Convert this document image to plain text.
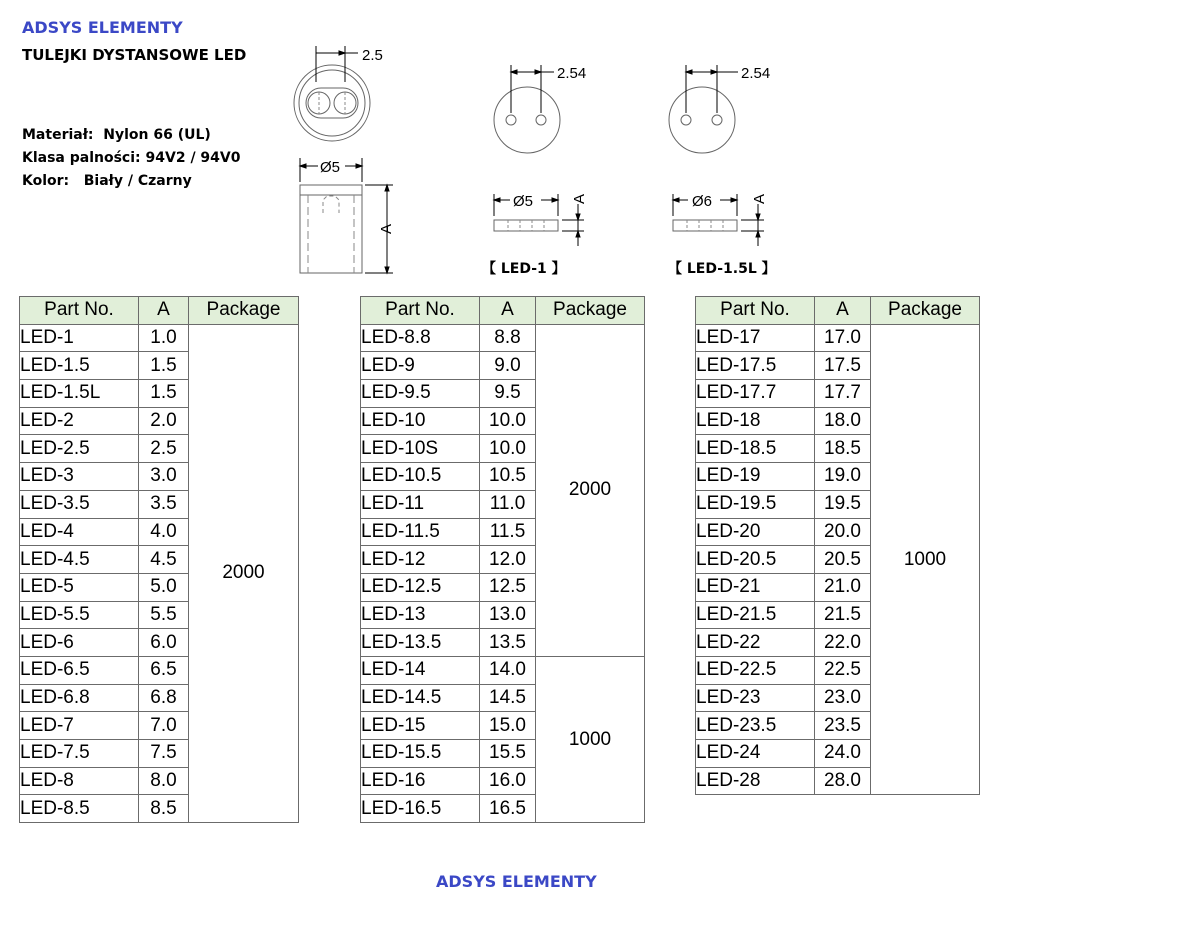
ADSYS ELEMENTY
TULEJKI DYSTANSOWE LED
Materiał:  Nylon 66 (UL)
Klasa palności: 94V2 / 94V0
Kolor:   Biały / Czarny
2.5
Ø5
A
2.54
Ø5	A
2.54
Ø6	A
【 LED-1 】	【 LED-1.5L 】
Part No.	A	Package
LED-1	1.0	2000
LED-1.5	1.5	
LED-1.5L	1.5	
LED-2	2.0	
LED-2.5	2.5	
LED-3	3.0	
LED-3.5	3.5	
LED-4	4.0	
LED-4.5	4.5	
LED-5	5.0	
LED-5.5	5.5	
LED-6	6.0	
LED-6.5	6.5	
LED-6.8	6.8	
LED-7	7.0	
LED-7.5	7.5	
LED-8	8.0	
LED-8.5	8.5	
Part No.	A	Package
LED-8.8	8.8	2000
LED-9	9.0	
LED-9.5	9.5	
LED-10	10.0	
LED-10S	10.0	
LED-10.5	10.5	
LED-11	11.0	
LED-11.5	11.5	
LED-12	12.0	
LED-12.5	12.5	
LED-13	13.0	
LED-13.5	13.5	
LED-14	14.0	1000
LED-14.5	14.5	
LED-15	15.0	
LED-15.5	15.5	
LED-16	16.0	
LED-16.5	16.5	
Part No.	A	Package
LED-17	17.0	1000
LED-17.5	17.5	
LED-17.7	17.7	
LED-18	18.0	
LED-18.5	18.5	
LED-19	19.0	
LED-19.5	19.5	
LED-20	20.0	
LED-20.5	20.5	
LED-21	21.0	
LED-21.5	21.5	
LED-22	22.0	
LED-22.5	22.5	
LED-23	23.0	
LED-23.5	23.5	
LED-24	24.0	
LED-28	28.0	
ADSYS ELEMENTY
